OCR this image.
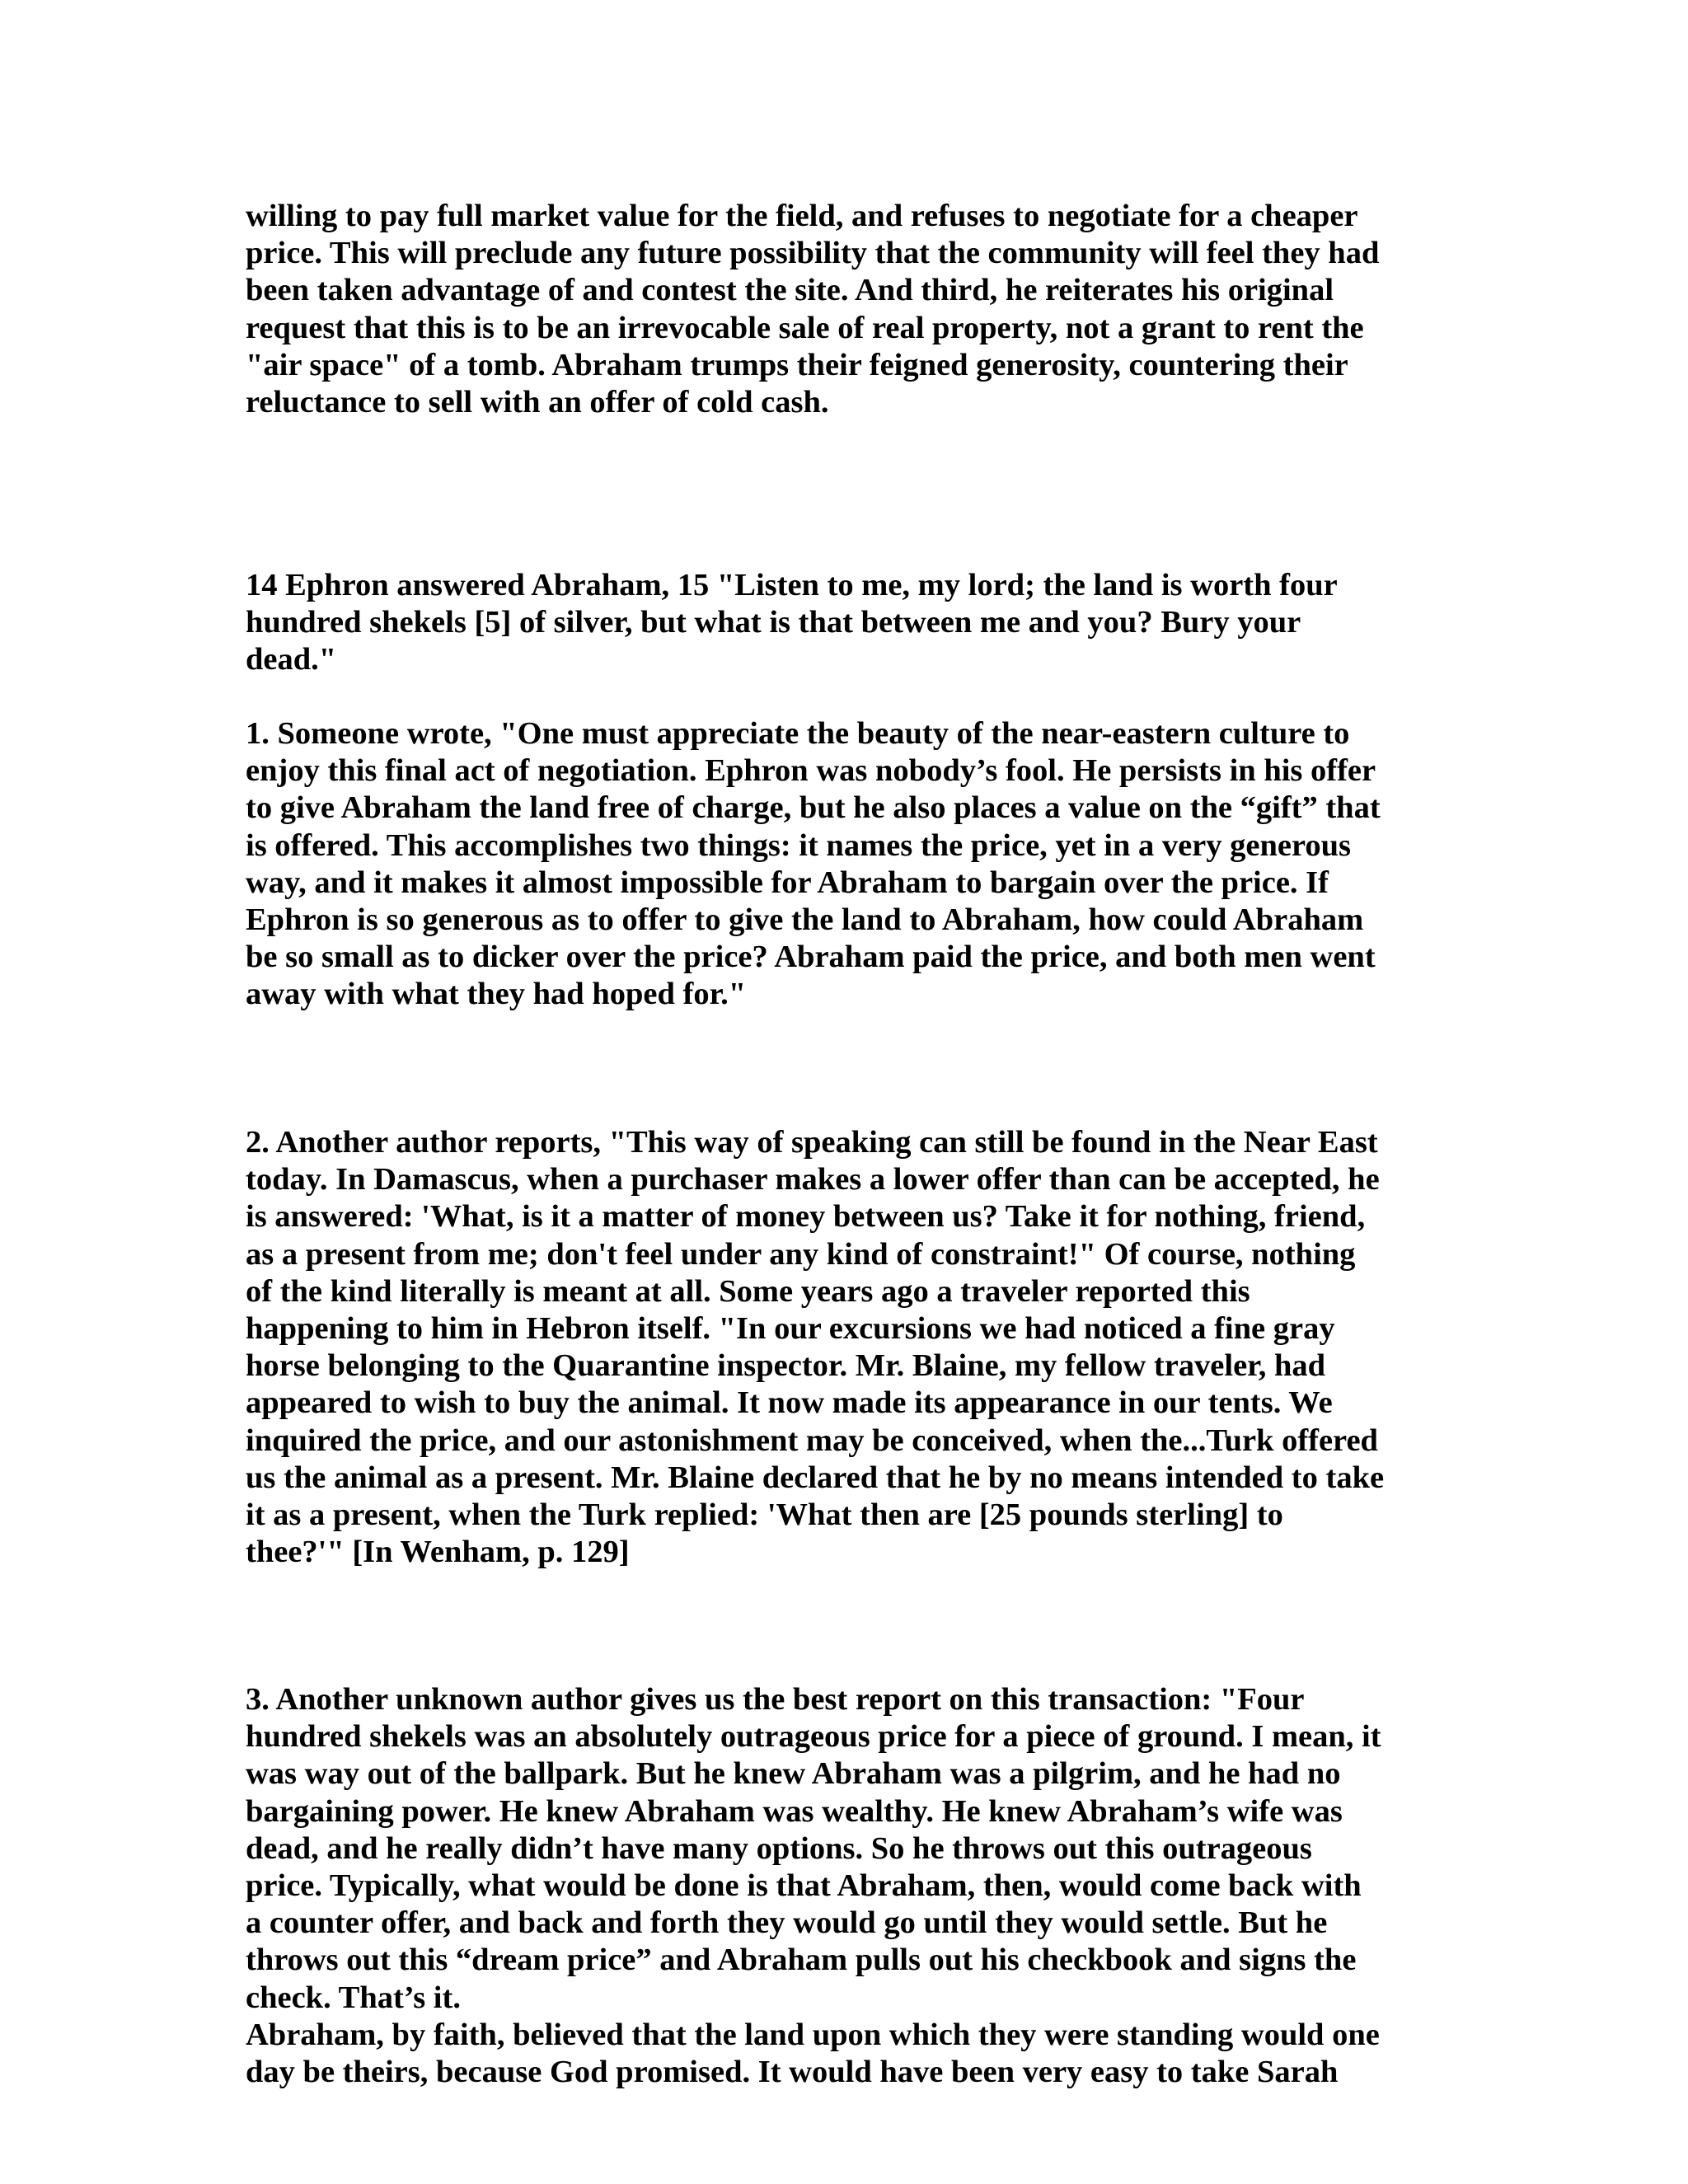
willing to pay full market value for the field, and refuses to negotiate for a cheaper
price. This will preclude any future possibility that the community will feel they had
been taken advantage of and contest the site. And third, he reiterates his original
request that this is to be an irrevocable sale of real property, not a grant to rent the
"air space" of a tomb. Abraham trumps their feigned generosity, countering their
reluctance to sell with an offer of cold cash.
14 Ephron answered Abraham, 15 "Listen to me, my lord; the land is worth four
hundred shekels [5] of silver, but what is that between me and you? Bury your
dead."
1. Someone wrote, "One must appreciate the beauty of the near-eastern culture to
enjoy this final act of negotiation. Ephron was nobody’s fool. He persists in his offer
to give Abraham the land free of charge, but he also places a value on the “gift” that
is offered. This accomplishes two things: it names the price, yet in a very generous
way, and it makes it almost impossible for Abraham to bargain over the price. If
Ephron is so generous as to offer to give the land to Abraham, how could Abraham
be so small as to dicker over the price? Abraham paid the price, and both men went
away with what they had hoped for."
2. Another author reports, "This way of speaking can still be found in the Near East
today. In Damascus, when a purchaser makes a lower offer than can be accepted, he
is answered: 'What, is it a matter of money between us? Take it for nothing, friend,
as a present from me; don't feel under any kind of constraint!" Of course, nothing
of the kind literally is meant at all. Some years ago a traveler reported this
happening to him in Hebron itself. "In our excursions we had noticed a fine gray
horse belonging to the Quarantine inspector. Mr. Blaine, my fellow traveler, had
appeared to wish to buy the animal. It now made its appearance in our tents. We
inquired the price, and our astonishment may be conceived, when the...Turk offered
us the animal as a present. Mr. Blaine declared that he by no means intended to take
it as a present, when the Turk replied: 'What then are [25 pounds sterling] to
thee?'" [In Wenham, p. 129]
3. Another unknown author gives us the best report on this transaction: "Four
hundred shekels was an absolutely outrageous price for a piece of ground. I mean, it
was way out of the ballpark. But he knew Abraham was a pilgrim, and he had no
bargaining power. He knew Abraham was wealthy. He knew Abraham’s wife was
dead, and he really didn’t have many options. So he throws out this outrageous
price. Typically, what would be done is that Abraham, then, would come back with
a counter offer, and back and forth they would go until they would settle. But he
throws out this “dream price” and Abraham pulls out his checkbook and signs the
check. That’s it.
Abraham, by faith, believed that the land upon which they were standing would one
day be theirs, because God promised. It would have been very easy to take Sarah
